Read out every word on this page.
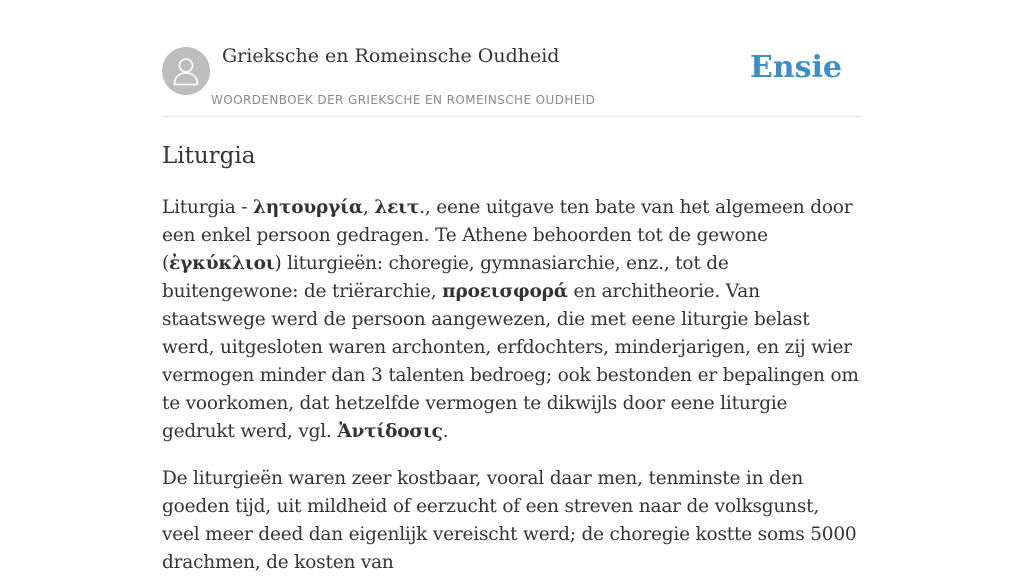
Grieksche en Romeinsche Oudheid
WOORDENBOEK DER GRIEKSCHE EN ROMEINSCHE OUDHEID
Ensie
Liturgia

Liturgia - λητουργία, λειτ., eene uitgave ten bate van het algemeen door een enkel persoon gedragen. Te Athene behoorden tot de gewone (ἐγκύκλιοι) liturgieën: choregie, gymnasiarchie, enz., tot de buitengewone: de triërarchie, προεισφορά en architheorie. Van staatswege werd de persoon aangewezen, die met eene liturgie belast werd, uitgesloten waren archonten, erfdochters, minderjarigen, en zij wier vermogen minder dan 3 talenten bedroeg; ook bestonden er bepalingen om te voorkomen, dat hetzelfde vermogen te dikwijls door eene liturgie gedrukt werd, vgl. Ἀντίδοσις.

De liturgieën waren zeer kostbaar, vooral daar men, tenminste in den goeden tijd, uit mildheid of eerzucht of een streven naar de volksgunst, veel meer deed dan eigenlijk vereischt werd; de choregie kostte soms 5000 drachmen, de kosten van
